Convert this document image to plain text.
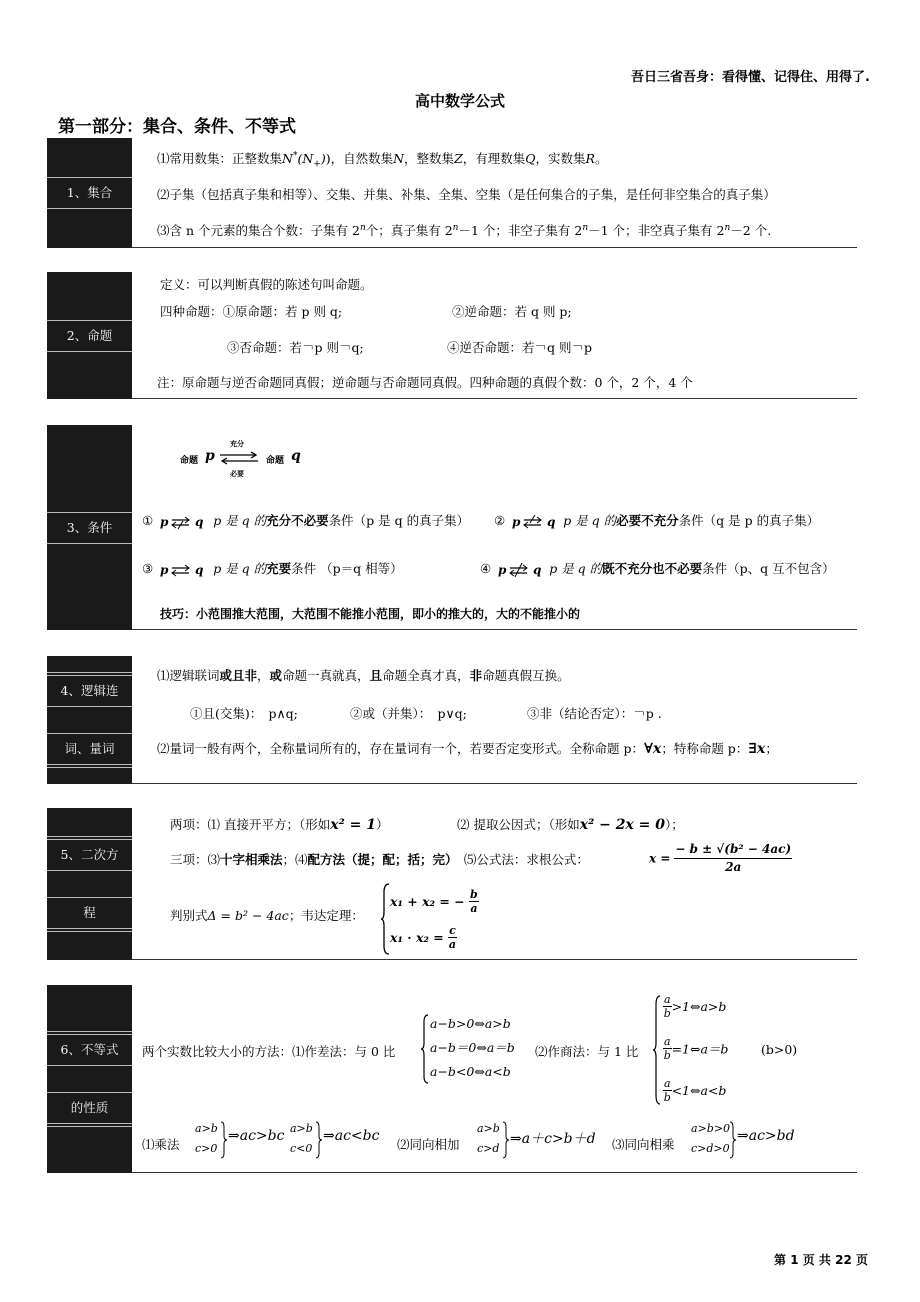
吾日三省吾身：看得懂、记得住、用得了.
高中数学公式
第一部分：集合、条件、不等式
1、集合
⑴常用数集：正整数集$N^*(N_+)$)，自然数集N，整数集Z，有理数集Q，实数集R。
⑵子集（包括真子集和相等）、交集、并集、补集、全集、空集（是任何集合的子集，是任何非空集合的真子集）
⑶含 n 个元素的集合个数：子集有 2$^n$个；真子集有 $2^n-1$ 个；非空子集有 $2^n-1$ 个；非空真子集有 $2^n-2$ 个.
2、命题
定义：可以判断真假的陈述句叫命题。
四种命题：①原命题：若 p 则 q;	②逆命题：若 q 则 p;
③否命题：若￢p 则￢q;	④逆否命题：若￢q 则￢p
注：原命题与逆否命题同真假；逆命题与否命题同真假。四种命题的真假个数：0 个，2 个，4 个
3、条件
命题 p
充分
必要
命题 q
① p q p 是 q 的充分不必要条件（p 是 q 的真子集） ② p q p 是 q 的必要不充分条件（q 是 p 的真子集）
③ p q p 是 q 的充要条件 （p＝q 相等）	④ p q p 是 q 的既不充分也不必要条件（p、q 互不包含）
技巧：小范围推大范围，大范围不能推小范围，即小的推大的，大的不能推小的
4、逻辑连

词、量词
⑴逻辑联词或且非，或命题一真就真，且命题全真才真，非命题真假互换。
①且(交集)：　p∧q;	②或（并集）：　p∨q;	③非（结论否定）：￢p .
⑵量词一般有两个，全称量词所有的，存在量词有一个，若要否定变形式。全称命题 p：∀x；特称命题 p：∃x；
5、二次方

程
两项：⑴ 直接开平方；（形如x² = 1）	⑵ 提取公因式；（形如x² − 2x = 0）；
三项：⑶十字相乘法；⑷配方法（提；配；括；完）　 ⑸公式法：求根公式：	$x = \frac{\text{− b ± √(b² − 4ac)}}{2a}$
判别式Δ = b² − 4ac；韦达定理：
x₁ + x₂ = − $\frac{b}{a}$
$x_1 \cdot x_2 = \frac{c}{a}$
6、不等式

的性质
两个实数比较大小的方法：⑴作差法：与 0 比
a−b>0⇔a>b
a−b＝0⇔a＝b
a−b<0⇔a<b
⑵作商法：与 1 比
$\frac{a}{b}>1\Leftrightarrow a>b$
$\frac{a}{b}=1\Leftrightarrow a=b$
$\frac{a}{b}<1\Leftrightarrow a<b$
(b>0)
⑴乘法
a>b
c>0
⇒ac>bc a>b
c<0
⇒ac<bc
⑵同向相加
a>b
c>d
⇒a＋c>b＋d ⑶同向相乘
a>b>0
c>d>0
⇒ac>bd
第 1 页 共 22 页
